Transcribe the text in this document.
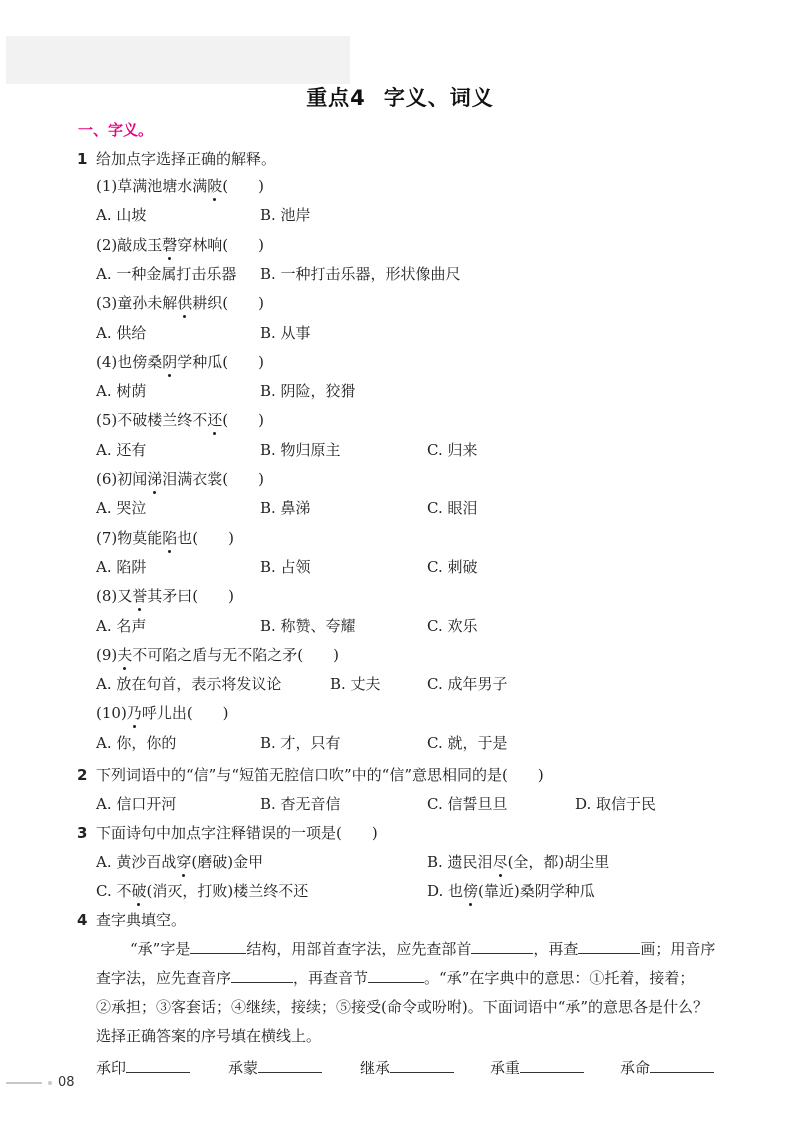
重点4 字义、词义
一、字义。
1 给加点字选择正确的解释。
(1)草满池塘水满陂(　　)
A. 山坡	B. 池岸
(2)敲成玉磬穿林响(　　)
A. 一种金属打击乐器 B. 一种打击乐器，形状像曲尺
(3)童孙未解供耕织(　　)
A. 供给	B. 从事
(4)也傍桑阴学种瓜(　　)
A. 树荫	B. 阴险，狡猾
(5)不破楼兰终不还(　　)
A. 还有	B. 物归原主	C. 归来
(6)初闻涕泪满衣裳(　　)
A. 哭泣	B. 鼻涕	C. 眼泪
(7)物莫能陷也(　　)
A. 陷阱	B. 占领	C. 刺破
(8)又誉其矛曰(　　)
A. 名声	B. 称赞、夸耀	C. 欢乐
(9)夫不可陷之盾与无不陷之矛(　　)
A. 放在句首，表示将发议论	B. 丈夫	C. 成年男子
(10)乃呼儿出(　　)
A. 你，你的	B. 才，只有	C. 就，于是
2 下列词语中的“信”与“短笛无腔信口吹”中的“信”意思相同的是(　　)
A. 信口开河	B. 杳无音信	C. 信誓旦旦	D. 取信于民
3 下面诗句中加点字注释错误的一项是(　　)
A. 黄沙百战穿(磨破)金甲	B. 遗民泪尽(全，都)胡尘里
C. 不破(消灭，打败)楼兰终不还	D. 也傍(靠近)桑阴学种瓜
4 查字典填空。

“承”字是	结构，用部首查字法，应先查部首	，再查	画；用音序

查字法，应先查音序	，再查音节	。“承”在字典中的意思：①托着，接着；

②承担；③客套话；④继续，接续；⑤接受(命令或吩咐)。下面词语中“承”的意思各是什么？

选择正确答案的序号填在横线上。

承印	承蒙	继承	承重	承命
08
